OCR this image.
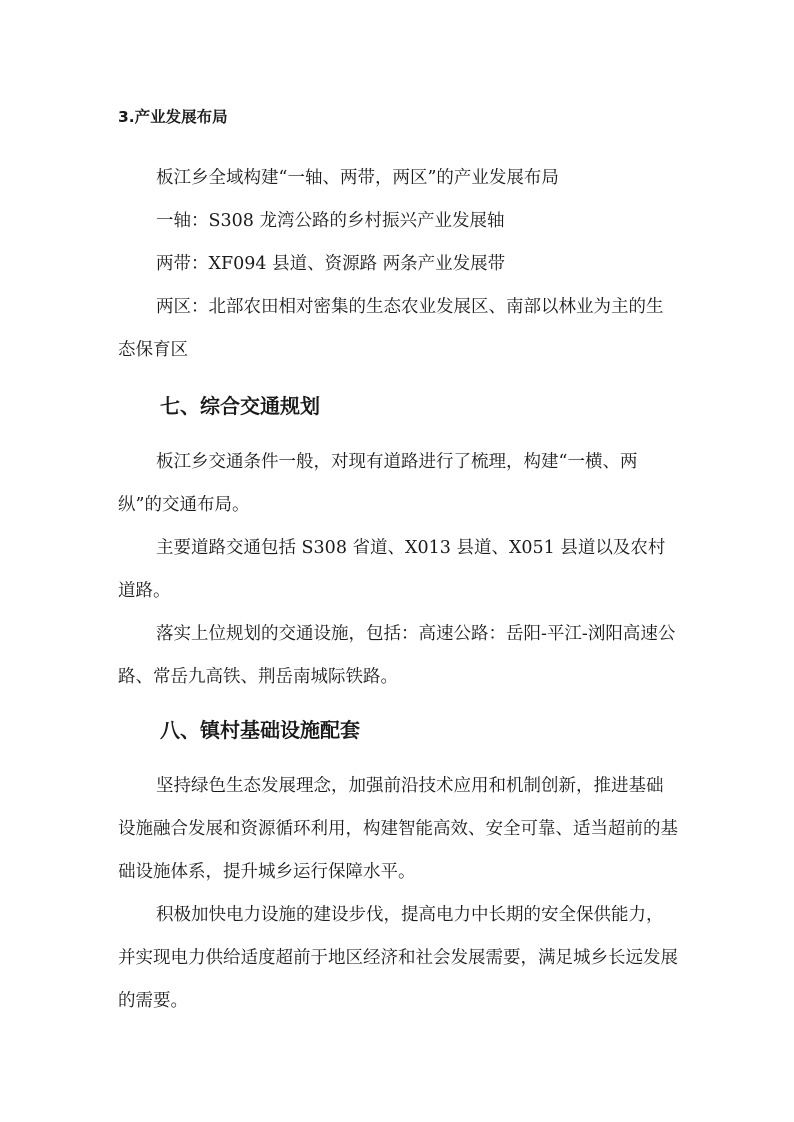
3.产业发展布局

板江乡全域构建“一轴、两带，两区”的产业发展布局

一轴：S308 龙湾公路的乡村振兴产业发展轴

两带：XF094 县道、资源路 两条产业发展带

两区：北部农田相对密集的生态农业发展区、南部以林业为主的生态保育区

七、综合交通规划

板江乡交通条件一般，对现有道路进行了梳理，构建“一横、两纵”的交通布局。

主要道路交通包括 S308 省道、X013 县道、X051 县道以及农村道路。

落实上位规划的交通设施，包括：高速公路：岳阳-平江-浏阳高速公路、常岳九高铁、荆岳南城际铁路。

八、镇村基础设施配套

坚持绿色生态发展理念，加强前沿技术应用和机制创新，推进基础设施融合发展和资源循环利用，构建智能高效、安全可靠、适当超前的基础设施体系，提升城乡运行保障水平。

积极加快电力设施的建设步伐，提高电力中长期的安全保供能力，并实现电力供给适度超前于地区经济和社会发展需要，满足城乡长远发展的需要。
